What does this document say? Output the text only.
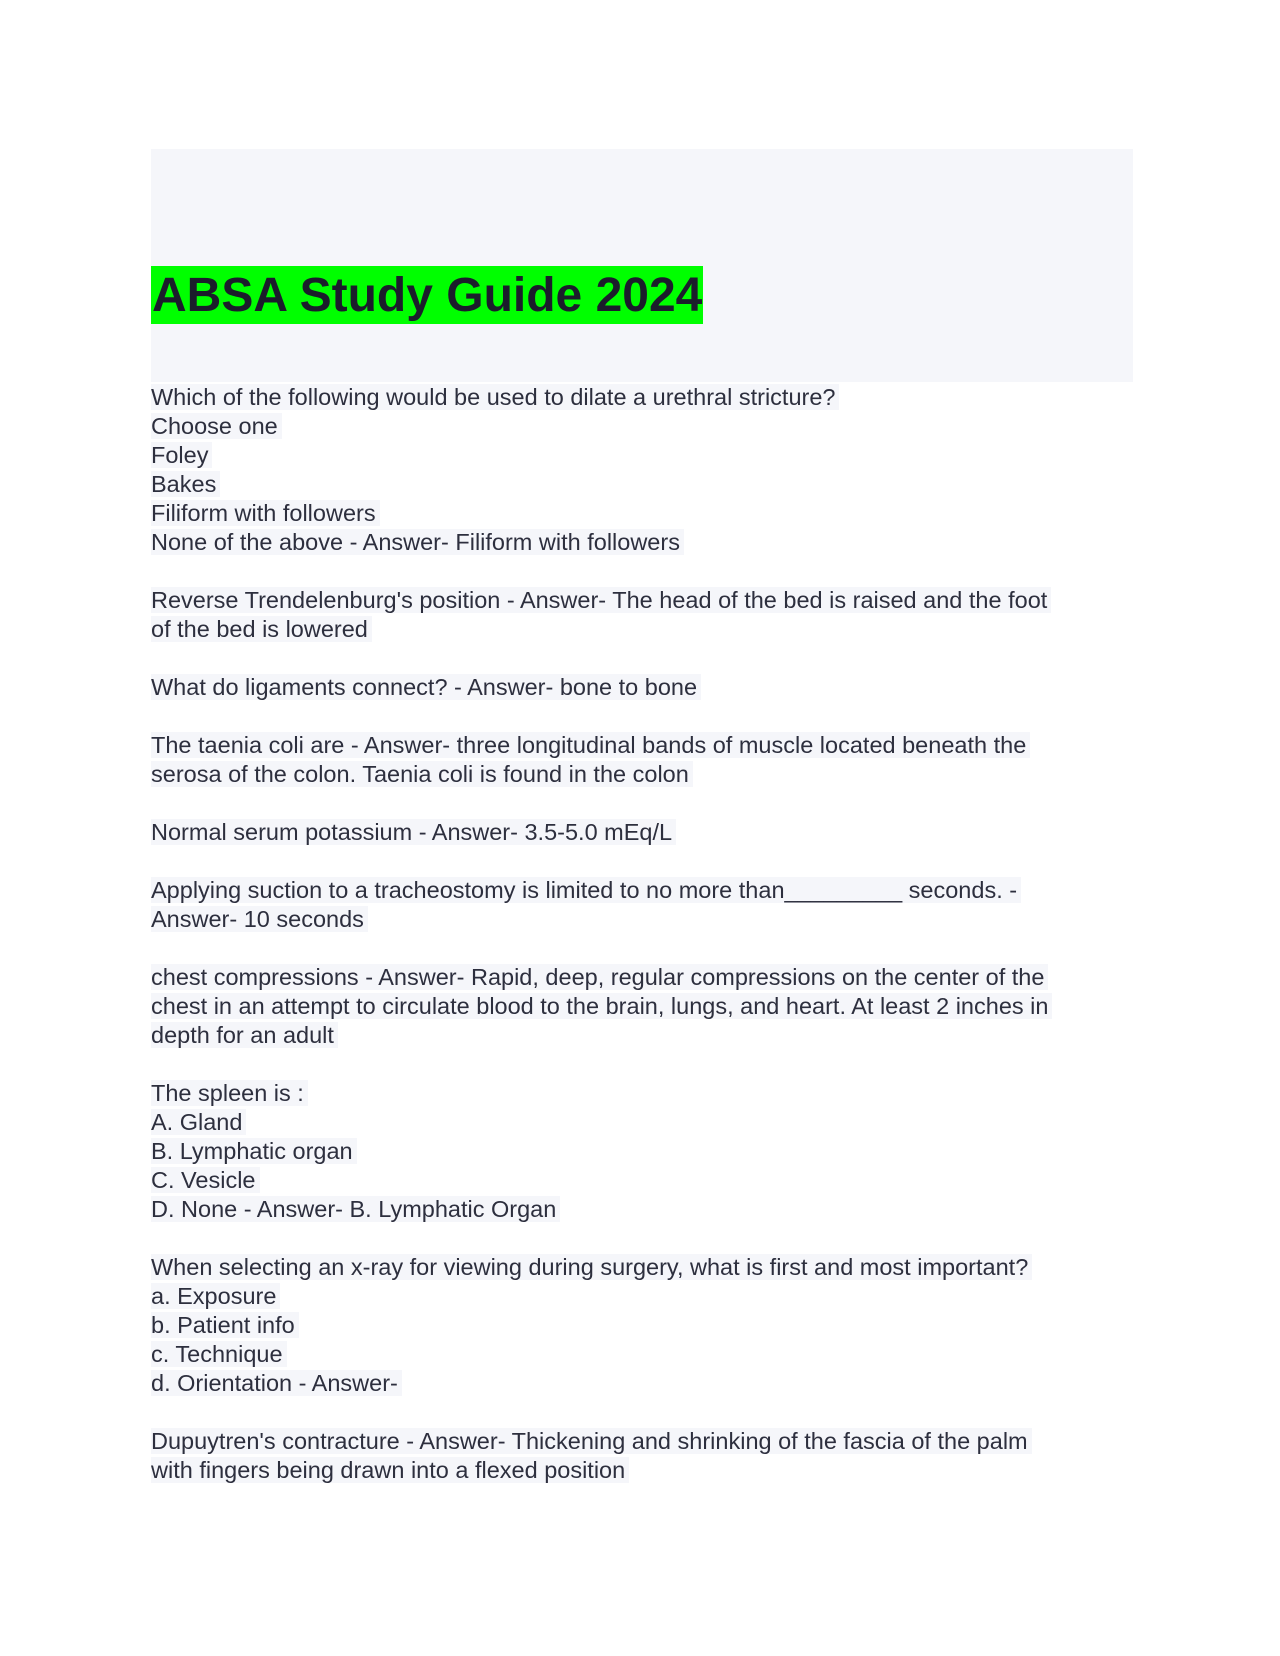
ABSA Study Guide 2024
Which of the following would be used to dilate a urethral stricture?
Choose one
Foley
Bakes
Filiform with followers
None of the above - Answer- Filiform with followers
Reverse Trendelenburg's position - Answer- The head of the bed is raised and the foot
of the bed is lowered
What do ligaments connect? - Answer- bone to bone
The taenia coli are - Answer- three longitudinal bands of muscle located beneath the
serosa of the colon. Taenia coli is found in the colon
Normal serum potassium - Answer- 3.5-5.0 mEq/L
Applying suction to a tracheostomy is limited to no more than_________ seconds. -
Answer- 10 seconds
chest compressions - Answer- Rapid, deep, regular compressions on the center of the
chest in an attempt to circulate blood to the brain, lungs, and heart. At least 2 inches in
depth for an adult
The spleen is :
A. Gland
B. Lymphatic organ
C. Vesicle
D. None - Answer- B. Lymphatic Organ
When selecting an x-ray for viewing during surgery, what is first and most important?
a. Exposure
b. Patient info
c. Technique
d. Orientation - Answer-
Dupuytren's contracture - Answer- Thickening and shrinking of the fascia of the palm
with fingers being drawn into a flexed position
